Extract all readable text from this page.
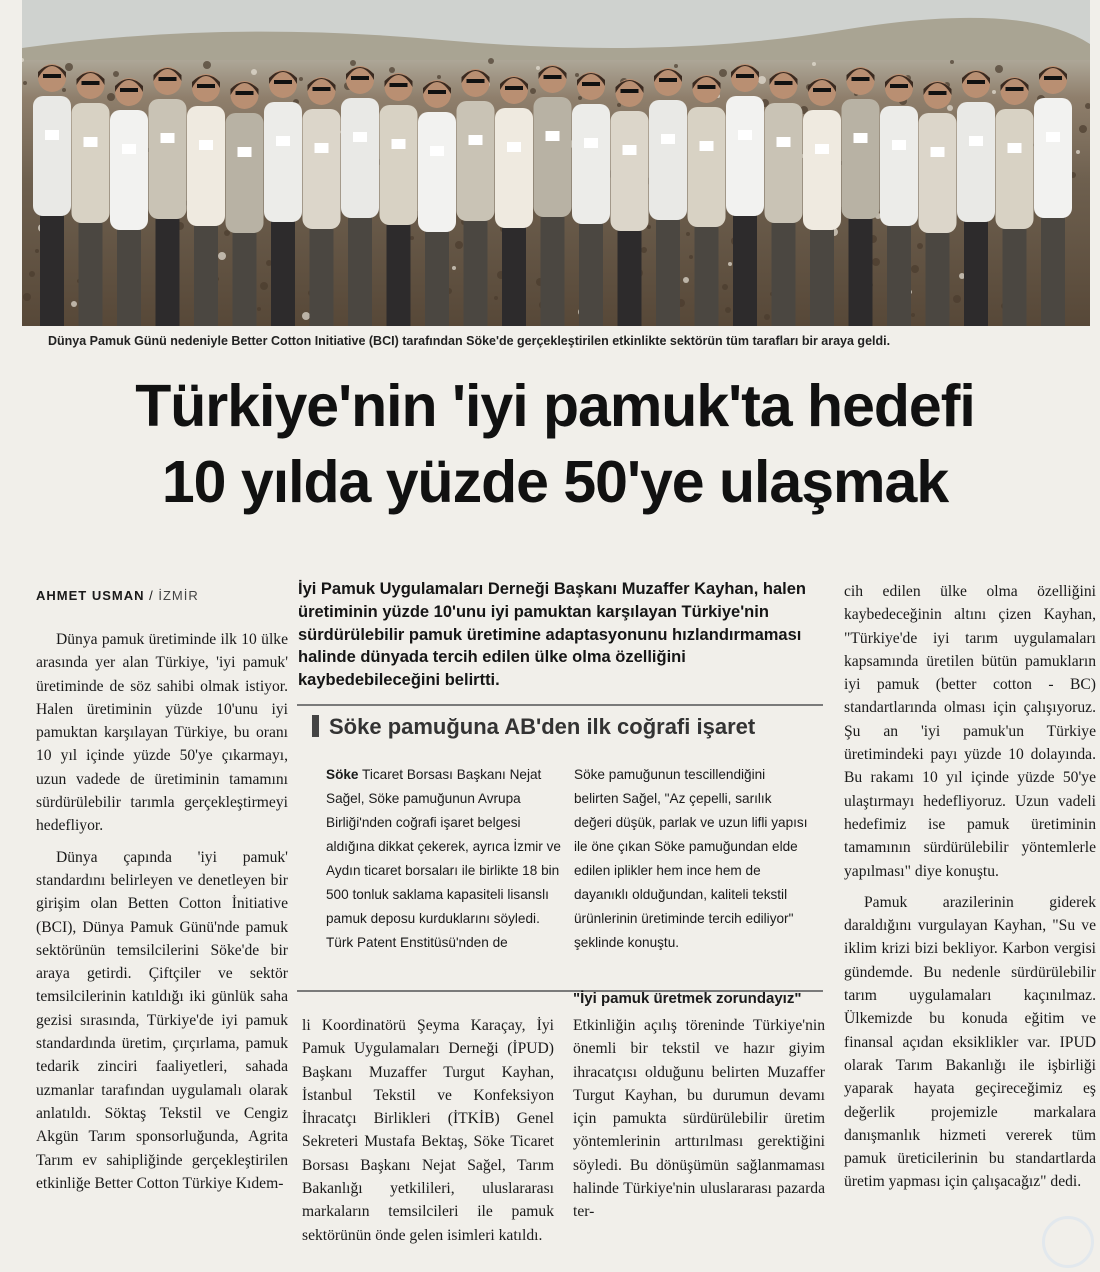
Dünya Pamuk Günü nedeniyle Better Cotton Initiative (BCI) tarafından Söke'de gerçekleştirilen etkinlikte sektörün tüm tarafları bir araya geldi.
Türkiye'nin 'iyi pamuk'ta hedefi
10 yılda yüzde 50'ye ulaşmak
AHMET USMAN / İZMİR

Dünya pamuk üretiminde ilk 10 ülke arasında yer alan Türkiye, 'iyi pamuk' üretiminde de söz sahibi olmak istiyor. Halen üretiminin yüzde 10'unu iyi pamuktan karşılayan Türkiye, bu oranı 10 yıl içinde yüzde 50'ye çıkarmayı, uzun vadede de üretiminin tamamını sürdürülebilir tarımla gerçekleştirmeyi hedefliyor.

Dünya çapında 'iyi pamuk' standardını belirleyen ve denetleyen bir girişim olan Betten Cotton İnitiative (BCI), Dünya Pamuk Günü'nde pamuk sektörünün temsilcilerini Söke'de bir araya getirdi. Çiftçiler ve sektör temsilcilerinin katıldığı iki günlük saha gezisi sırasında, Türkiye'de iyi pamuk standardında üretim, çırçırlama, pamuk tedarik zinciri faaliyetleri, sahada uzmanlar tarafından uygulamalı olarak anlatıldı. Söktaş Tekstil ve Cengiz Akgün Tarım sponsorluğunda, Agrita Tarım ev sahipliğinde gerçekleştirilen etkinliğe Better Cotton Türkiye Kıdem-

İyi Pamuk Uygulamaları Derneği Başkanı Muzaffer Kayhan, halen üretiminin yüzde 10'unu iyi pamuktan karşılayan Türkiye'nin sürdürülebilir pamuk üretimine adaptasyonunu hızlandırmaması halinde dünyada tercih edilen ülke olma özelliğini kaybedebileceğini belirtti.
Söke pamuğuna AB'den ilk coğrafi işaret
Söke Ticaret Borsası Başkanı Nejat Sağel, Söke pamuğunun Avrupa Birliği'nden coğrafi işaret belgesi aldığına dikkat çekerek, ayrıca İzmir ve Aydın ticaret borsaları ile birlikte 18 bin 500 tonluk saklama kapasiteli lisanslı pamuk deposu kurduklarını söyledi. Türk Patent Enstitüsü'nden de
Söke pamuğunun tescillendiğini belirten Sağel, "Az çepelli, sarılık değeri düşük, parlak ve uzun lifli yapısı ile öne çıkan Söke pamuğundan elde edilen iplikler hem ince hem de dayanıklı olduğundan, kaliteli tekstil ürünlerinin üretiminde tercih ediliyor" şeklinde konuştu.

li Koordinatörü Şeyma Karaçay, İyi Pamuk Uygulamaları Derneği (İPUD) Başkanı Muzaffer Turgut Kayhan, İstanbul Tekstil ve Konfeksiyon İhracatçı Birlikleri (İTKİB) Genel Sekreteri Mustafa Bektaş, Söke Ticaret Borsası Başkanı Nejat Sağel, Tarım Bakanlığı yetkilileri, uluslararası markaların temsilcileri ile pamuk sektörünün önde gelen isimleri katıldı.

"İyi pamuk üretmek zorundayız"

Etkinliğin açılış töreninde Türkiye'nin önemli bir tekstil ve hazır giyim ihracatçısı olduğunu belirten Muzaffer Turgut Kayhan, bu durumun devamı için pamukta sürdürülebilir üretim yöntemlerinin arttırılması gerektiğini söyledi. Bu dönüşümün sağlanmaması halinde Türkiye'nin uluslararası pazarda ter-

cih edilen ülke olma özelliğini kaybedeceğinin altını çizen Kayhan, "Türkiye'de iyi tarım uygulamaları kapsamında üretilen bütün pamukların iyi pamuk (better cotton - BC) standartlarında olması için çalışıyoruz. Şu an 'iyi pamuk'un Türkiye üretimindeki payı yüzde 10 dolayında. Bu rakamı 10 yıl içinde yüzde 50'ye ulaştırmayı hedefliyoruz. Uzun vadeli hedefimiz ise pamuk üretiminin tamamının sürdürülebilir yöntemlerle yapılması" diye konuştu.

Pamuk arazilerinin giderek daraldığını vurgulayan Kayhan, "Su ve iklim krizi bizi bekliyor. Karbon vergisi gündemde. Bu nedenle sürdürülebilir tarım uygulamaları kaçınılmaz. Ülkemizde bu konuda eğitim ve finansal açıdan eksiklikler var. IPUD olarak Tarım Bakanlığı ile işbirliği yaparak hayata geçireceğimiz eş değerlik projemizle markalara danışmanlık hizmeti vererek tüm pamuk üreticilerinin bu standartlarda üretim yapması için çalışacağız" dedi.
